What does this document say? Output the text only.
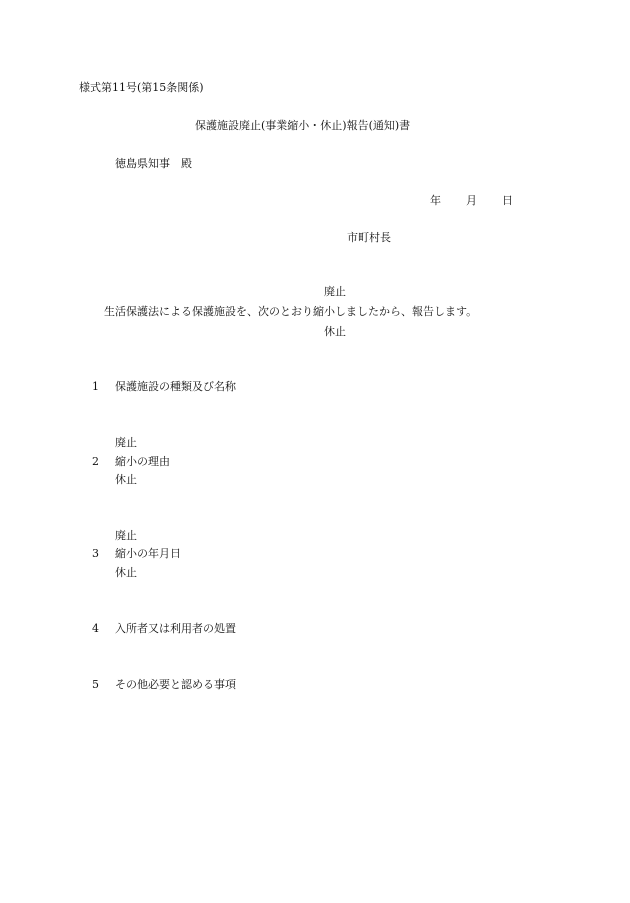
様式第11号(第15条関係)
保護施設廃止(事業縮小・休止)報告(通知)書
徳島県知事　殿
年 月 日
市町村長
廃止
生活保護法による保護施設を、次のとおり縮小しましたから、報告します。
休止
1 保護施設の種類及び名称
廃止
2 縮小の理由
休止
廃止
3 縮小の年月日
休止
4 入所者又は利用者の処置
5 その他必要と認める事項
